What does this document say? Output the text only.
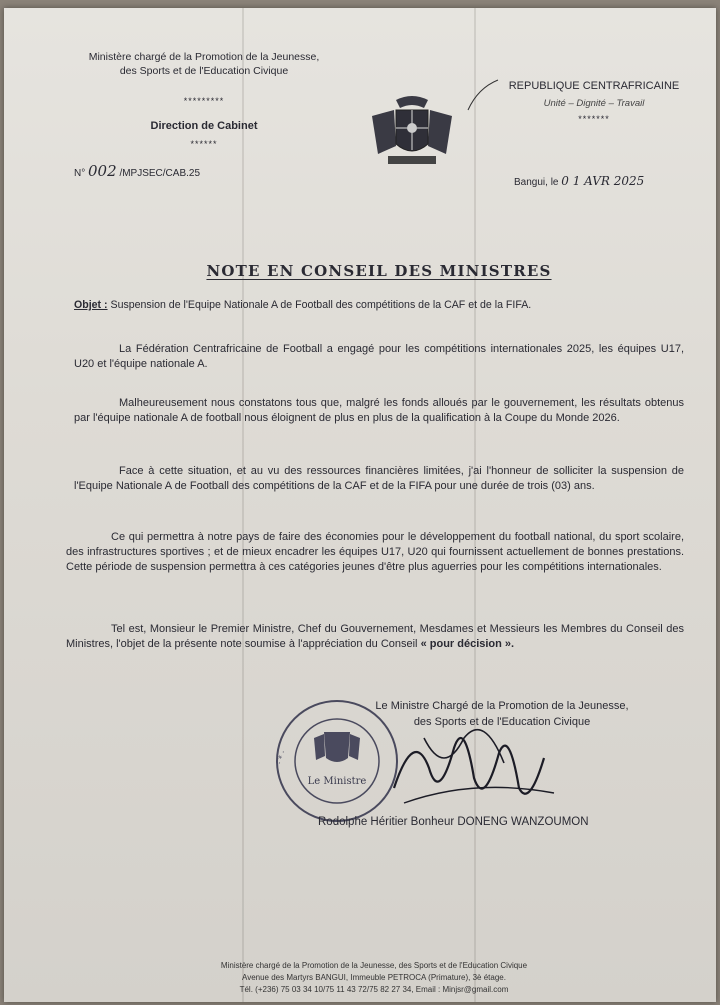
Ministère chargé de la Promotion de la Jeunesse,
des Sports et de l'Education Civique
*********
Direction de Cabinet
******
N° 002 /MPJSEC/CAB.25
REPUBLIQUE CENTRAFRICAINE
Unité – Dignité – Travail
*******
Bangui, le 0 1 AVR 2025
NOTE EN CONSEIL DES MINISTRES
Objet : Suspension de l'Equipe Nationale A de Football des compétitions de la CAF et de la FIFA.
La Fédération Centrafricaine de Football a engagé pour les compétitions internationales 2025, les équipes U17, U20 et l'équipe nationale A.
Malheureusement nous constatons tous que, malgré les fonds alloués par le gouvernement, les résultats obtenus par l'équipe nationale A de football nous éloignent de plus en plus de la qualification à la Coupe du Monde 2026.
Face à cette situation, et au vu des ressources financières limitées, j'ai l'honneur de solliciter la suspension de l'Equipe Nationale A de Football des compétitions de la CAF et de la FIFA pour une durée de trois (03) ans.
Ce qui permettra à notre pays de faire des économies pour le développement du football national, du sport scolaire, des infrastructures sportives ; et de mieux encadrer les équipes U17, U20 qui fournissent actuellement de bonnes prestations. Cette période de suspension permettra à ces catégories jeunes d'être plus aguerries pour les compétitions internationales.
Tel est, Monsieur le Premier Ministre, Chef du Gouvernement, Mesdames et Messieurs les Membres du Conseil des Ministres, l'objet de la présente note soumise à l'appréciation du Conseil « pour décision ».
Le Ministre Chargé de la Promotion de la Jeunesse,
des Sports et de l'Education Civique
· * ·
Le Ministre
Rodolphe Héritier Bonheur DONENG WANZOUMON
Ministère chargé de la Promotion de la Jeunesse, des Sports et de l'Education Civique
Avenue des Martyrs BANGUI, Immeuble PETROCA (Primature), 3è étage.
Tél. (+236) 75 03 34 10/75 11 43 72/75 82 27 34, Email : Minjsr@gmail.com
